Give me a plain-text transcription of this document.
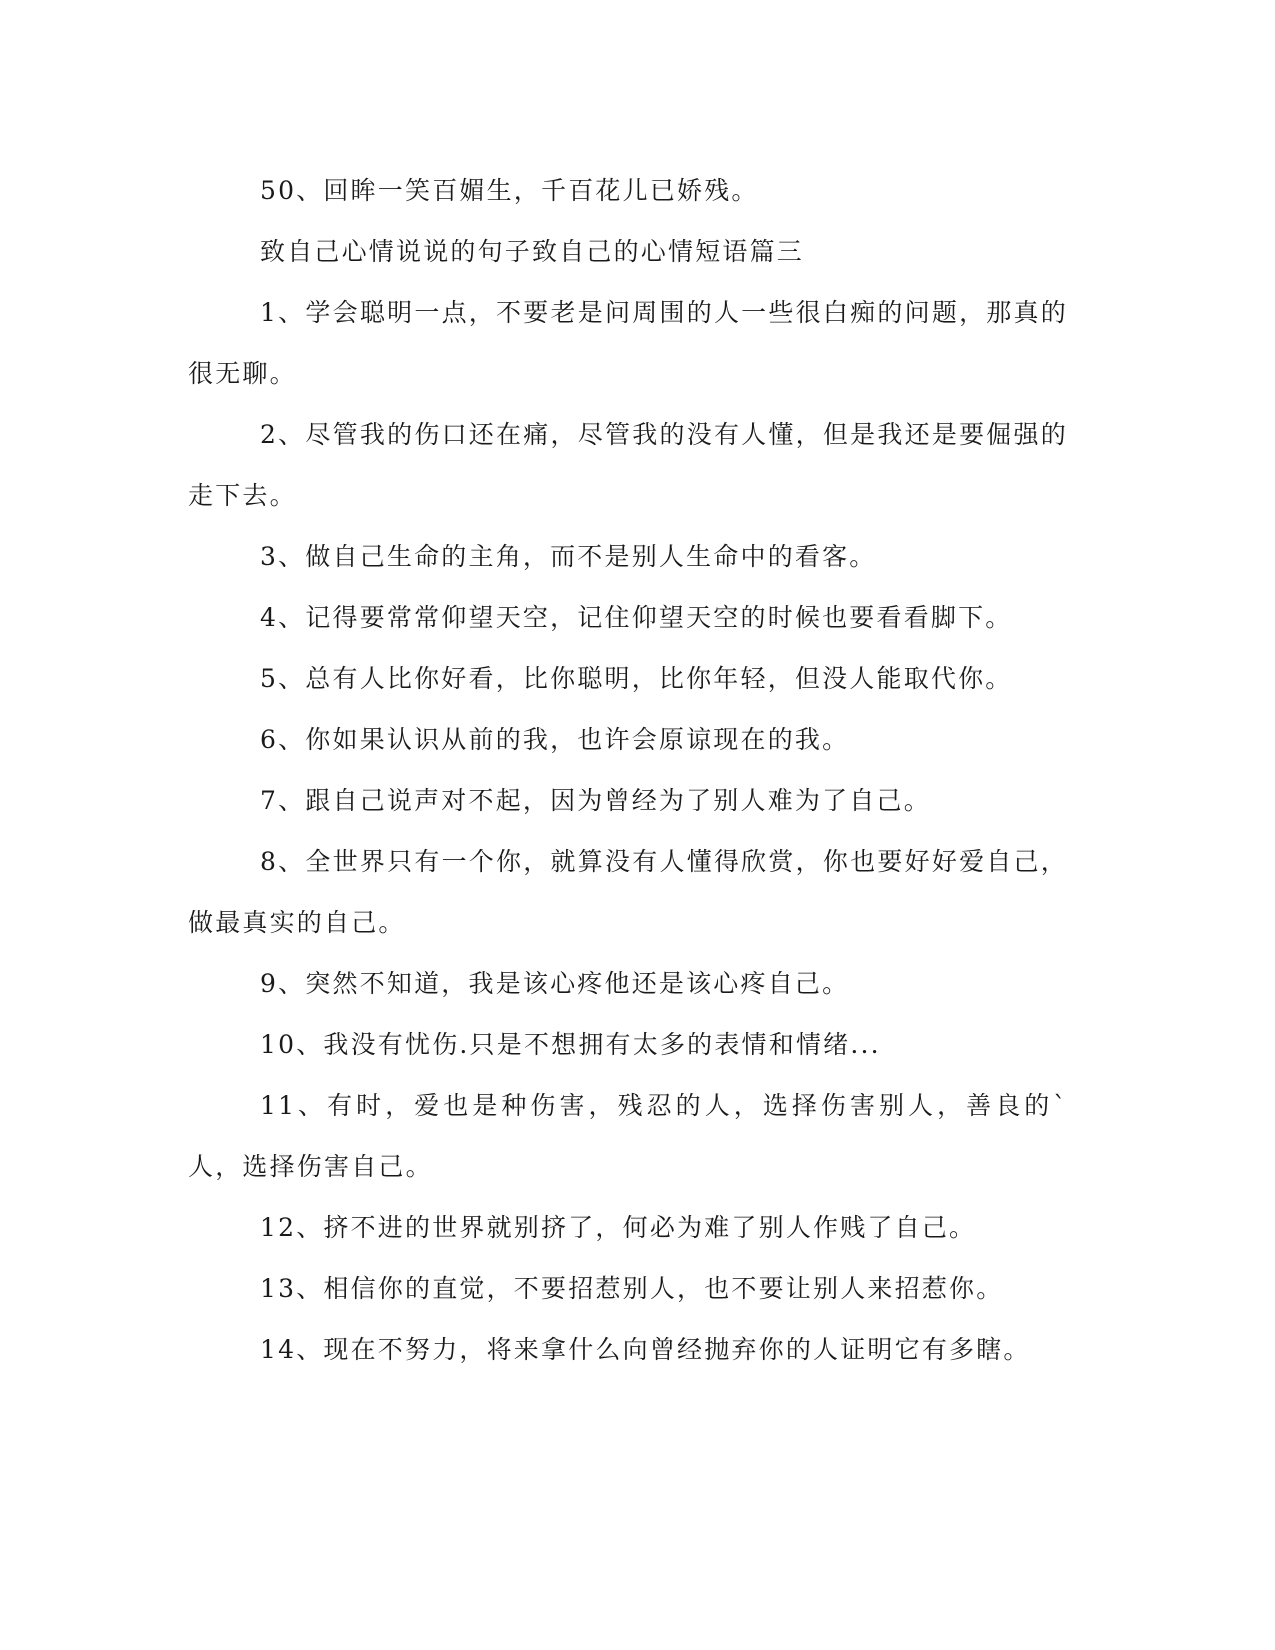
50、回眸一笑百媚生，千百花儿已娇残。

致自己心情说说的句子致自己的心情短语篇三

1、学会聪明一点，不要老是问周围的人一些很白痴的问题，那真的很无聊。

2、尽管我的伤口还在痛，尽管我的没有人懂，但是我还是要倔强的走下去。

3、做自己生命的主角，而不是别人生命中的看客。

4、记得要常常仰望天空，记住仰望天空的时候也要看看脚下。

5、总有人比你好看，比你聪明，比你年轻，但没人能取代你。

6、你如果认识从前的我，也许会原谅现在的我。

7、跟自己说声对不起，因为曾经为了别人难为了自己。

8、全世界只有一个你，就算没有人懂得欣赏，你也要好好爱自己，做最真实的自己。

9、突然不知道，我是该心疼他还是该心疼自己。

10、我没有忧伤.只是不想拥有太多的表情和情绪...

11、有时，爱也是种伤害，残忍的人，选择伤害别人，善良的`人，选择伤害自己。

12、挤不进的世界就别挤了，何必为难了别人作贱了自己。

13、相信你的直觉，不要招惹别人，也不要让别人来招惹你。

14、现在不努力，将来拿什么向曾经抛弃你的人证明它有多瞎。
